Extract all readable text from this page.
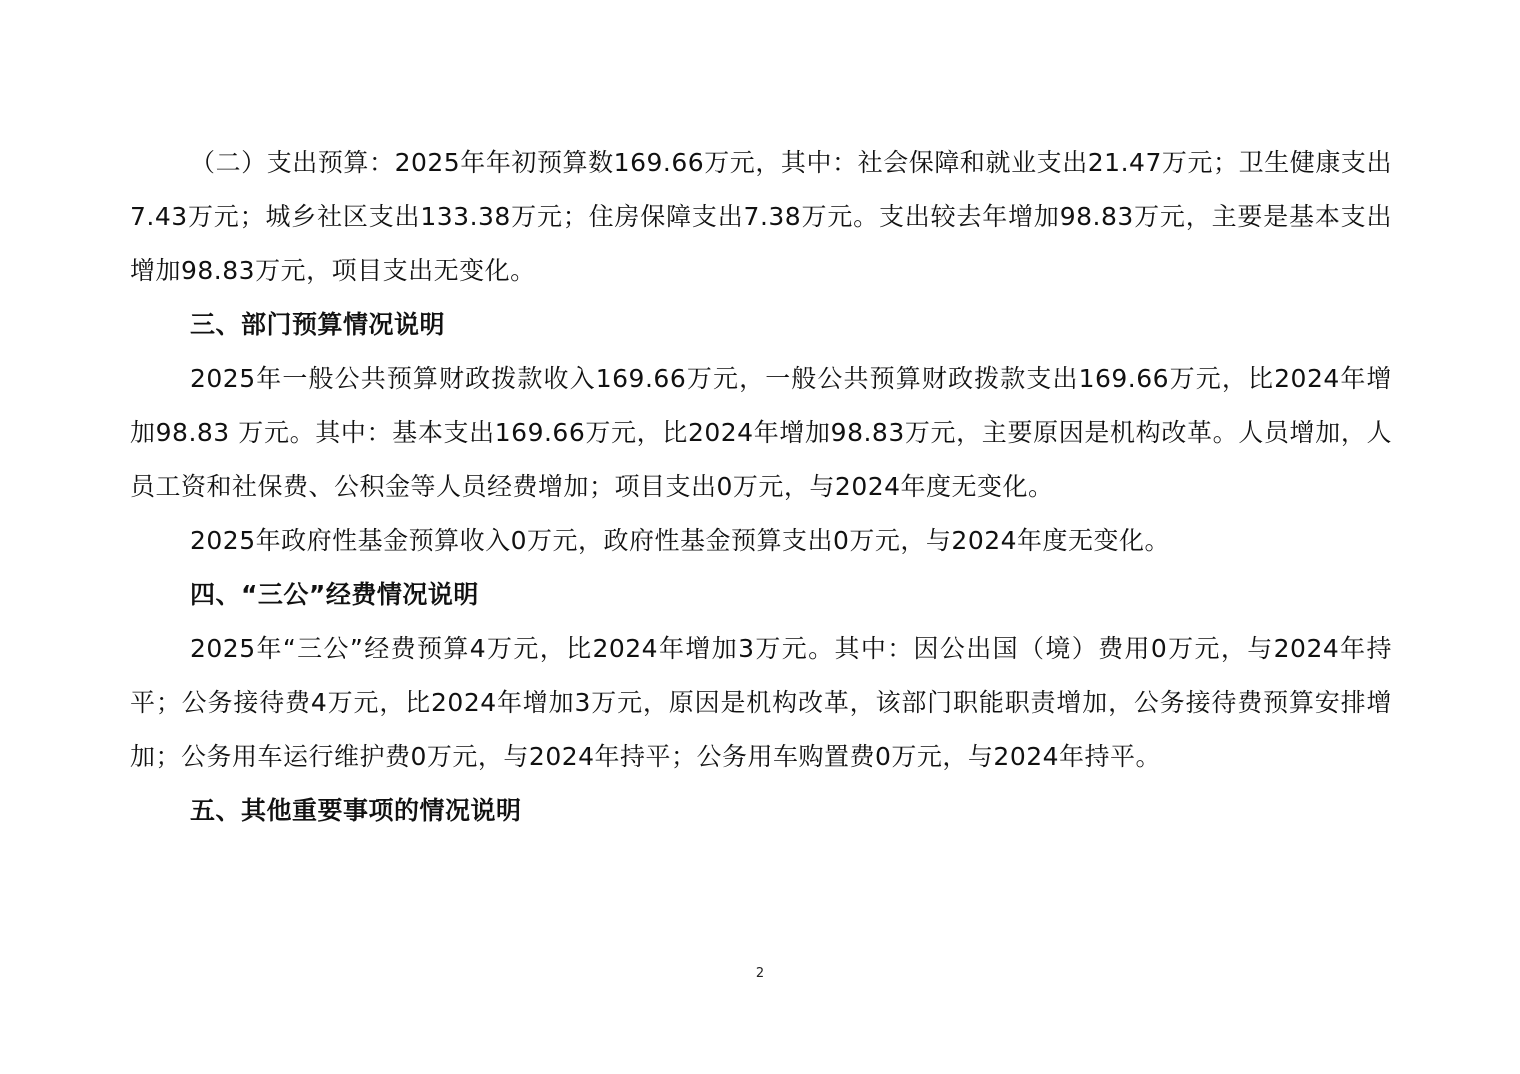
（二）支出预算：2025年年初预算数169.66万元，其中：社会保障和就业支出21.47万元；卫生健康支出7.43万元；城乡社区支出133.38万元；住房保障支出7.38万元。支出较去年增加98.83万元，主要是基本支出增加98.83万元，项目支出无变化。

三、部门预算情况说明

2025年一般公共预算财政拨款收入169.66万元，一般公共预算财政拨款支出169.66万元，比2024年增加98.83 万元。其中：基本支出169.66万元，比2024年增加98.83万元，主要原因是机构改革。人员增加，人员工资和社保费、公积金等人员经费增加；项目支出0万元，与2024年度无变化。

2025年政府性基金预算收入0万元，政府性基金预算支出0万元，与2024年度无变化。

四、“三公”经费情况说明

2025年“三公”经费预算4万元，比2024年增加3万元。其中：因公出国（境）费用0万元，与2024年持平；公务接待费4万元，比2024年增加3万元，原因是机构改革，该部门职能职责增加，公务接待费预算安排增加；公务用车运行维护费0万元，与2024年持平；公务用车购置费0万元，与2024年持平。

五、其他重要事项的情况说明

2
